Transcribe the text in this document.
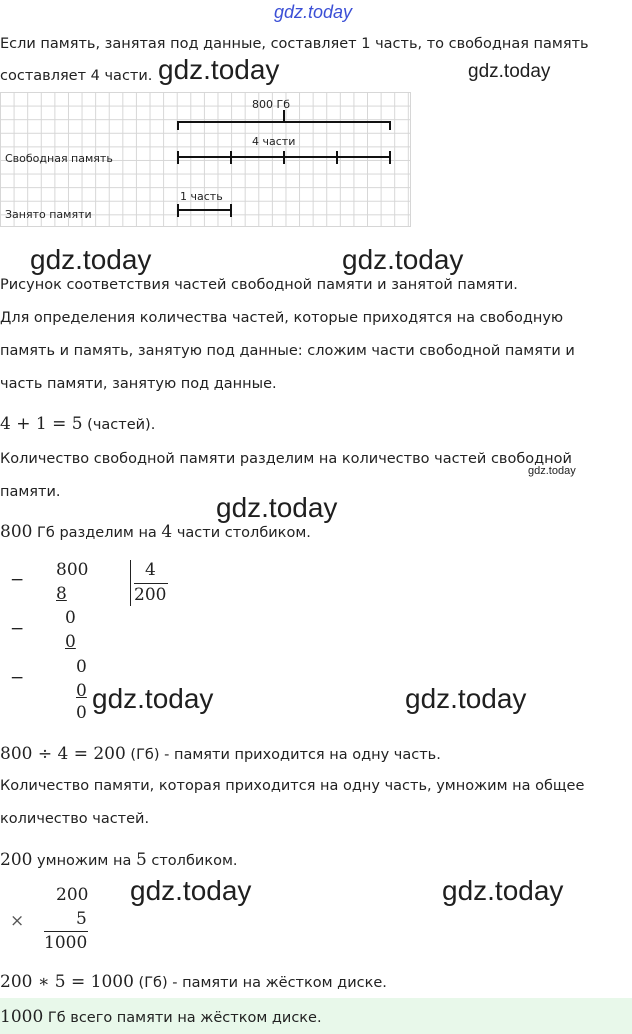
gdz.today
Если память, занятая под данные, составляет 1 часть, то свободная память
составляет 4 части. gdz.today	gdz.today
800 Гб
4 части
1 часть
Свободная память
Занято памяти
gdz.today	gdz.today
Рисунок соответствия частей свободной памяти и занятой памяти.
Для определения количества частей, которые приходятся на свободную
память и память, занятую под данные: сложим части свободной памяти и
часть памяти, занятую под данные.
4 + 1 = 5 (частей).
Количество свободной памяти разделим на количество частей свободной
gdz.today
памяти.	gdz.today
800 Гб разделим на 4 части столбиком.
− 800
8
4
200
−
0
0
−
0
0
0 gdz.today	gdz.today
800 ÷ 4 = 200 (Гб) - памяти приходится на одну часть.
Количество памяти, которая приходится на одну часть, умножим на общее
количество частей.
200 умножим на 5 столбиком.
200
×	5
1000
gdz.today	gdz.today
200 ∗ 5 = 1000 (Гб) - памяти на жёстком диске.
1000 Гб всего памяти на жёстком диске.
